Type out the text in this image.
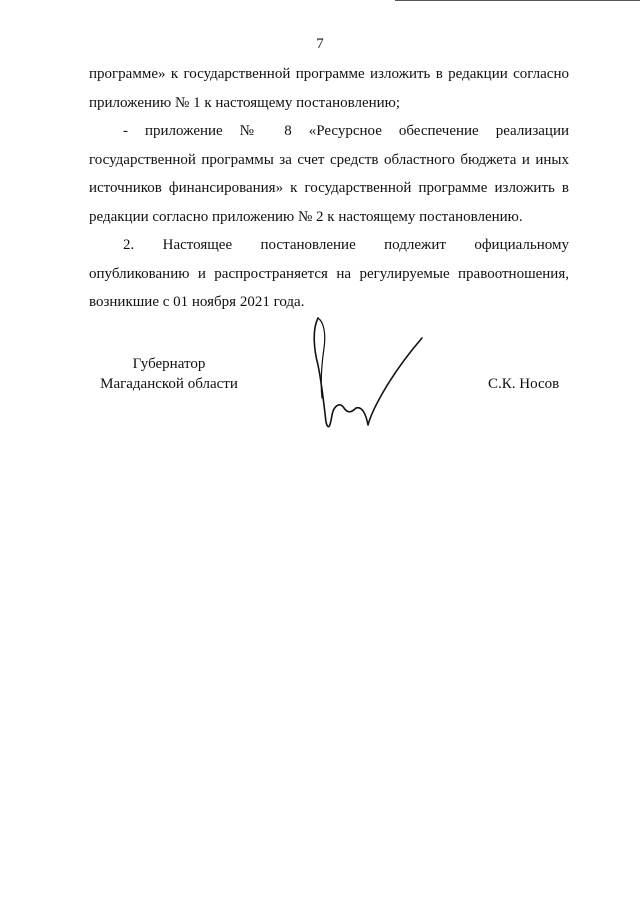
7

программе» к государственной программе изложить в редакции согласно приложению № 1 к настоящему постановлению;

- приложение № 8 «Ресурсное обеспечение реализации государственной программы за счет средств областного бюджета и иных источников финансирования» к государственной программе изложить в редакции согласно приложению № 2 к настоящему постановлению.

2. Настоящее постановление подлежит официальному опубликованию и распространяется на регулируемые правоотношения, возникшие с 01 ноября 2021 года.

Губернатор
Магаданской области	С.К. Носов
